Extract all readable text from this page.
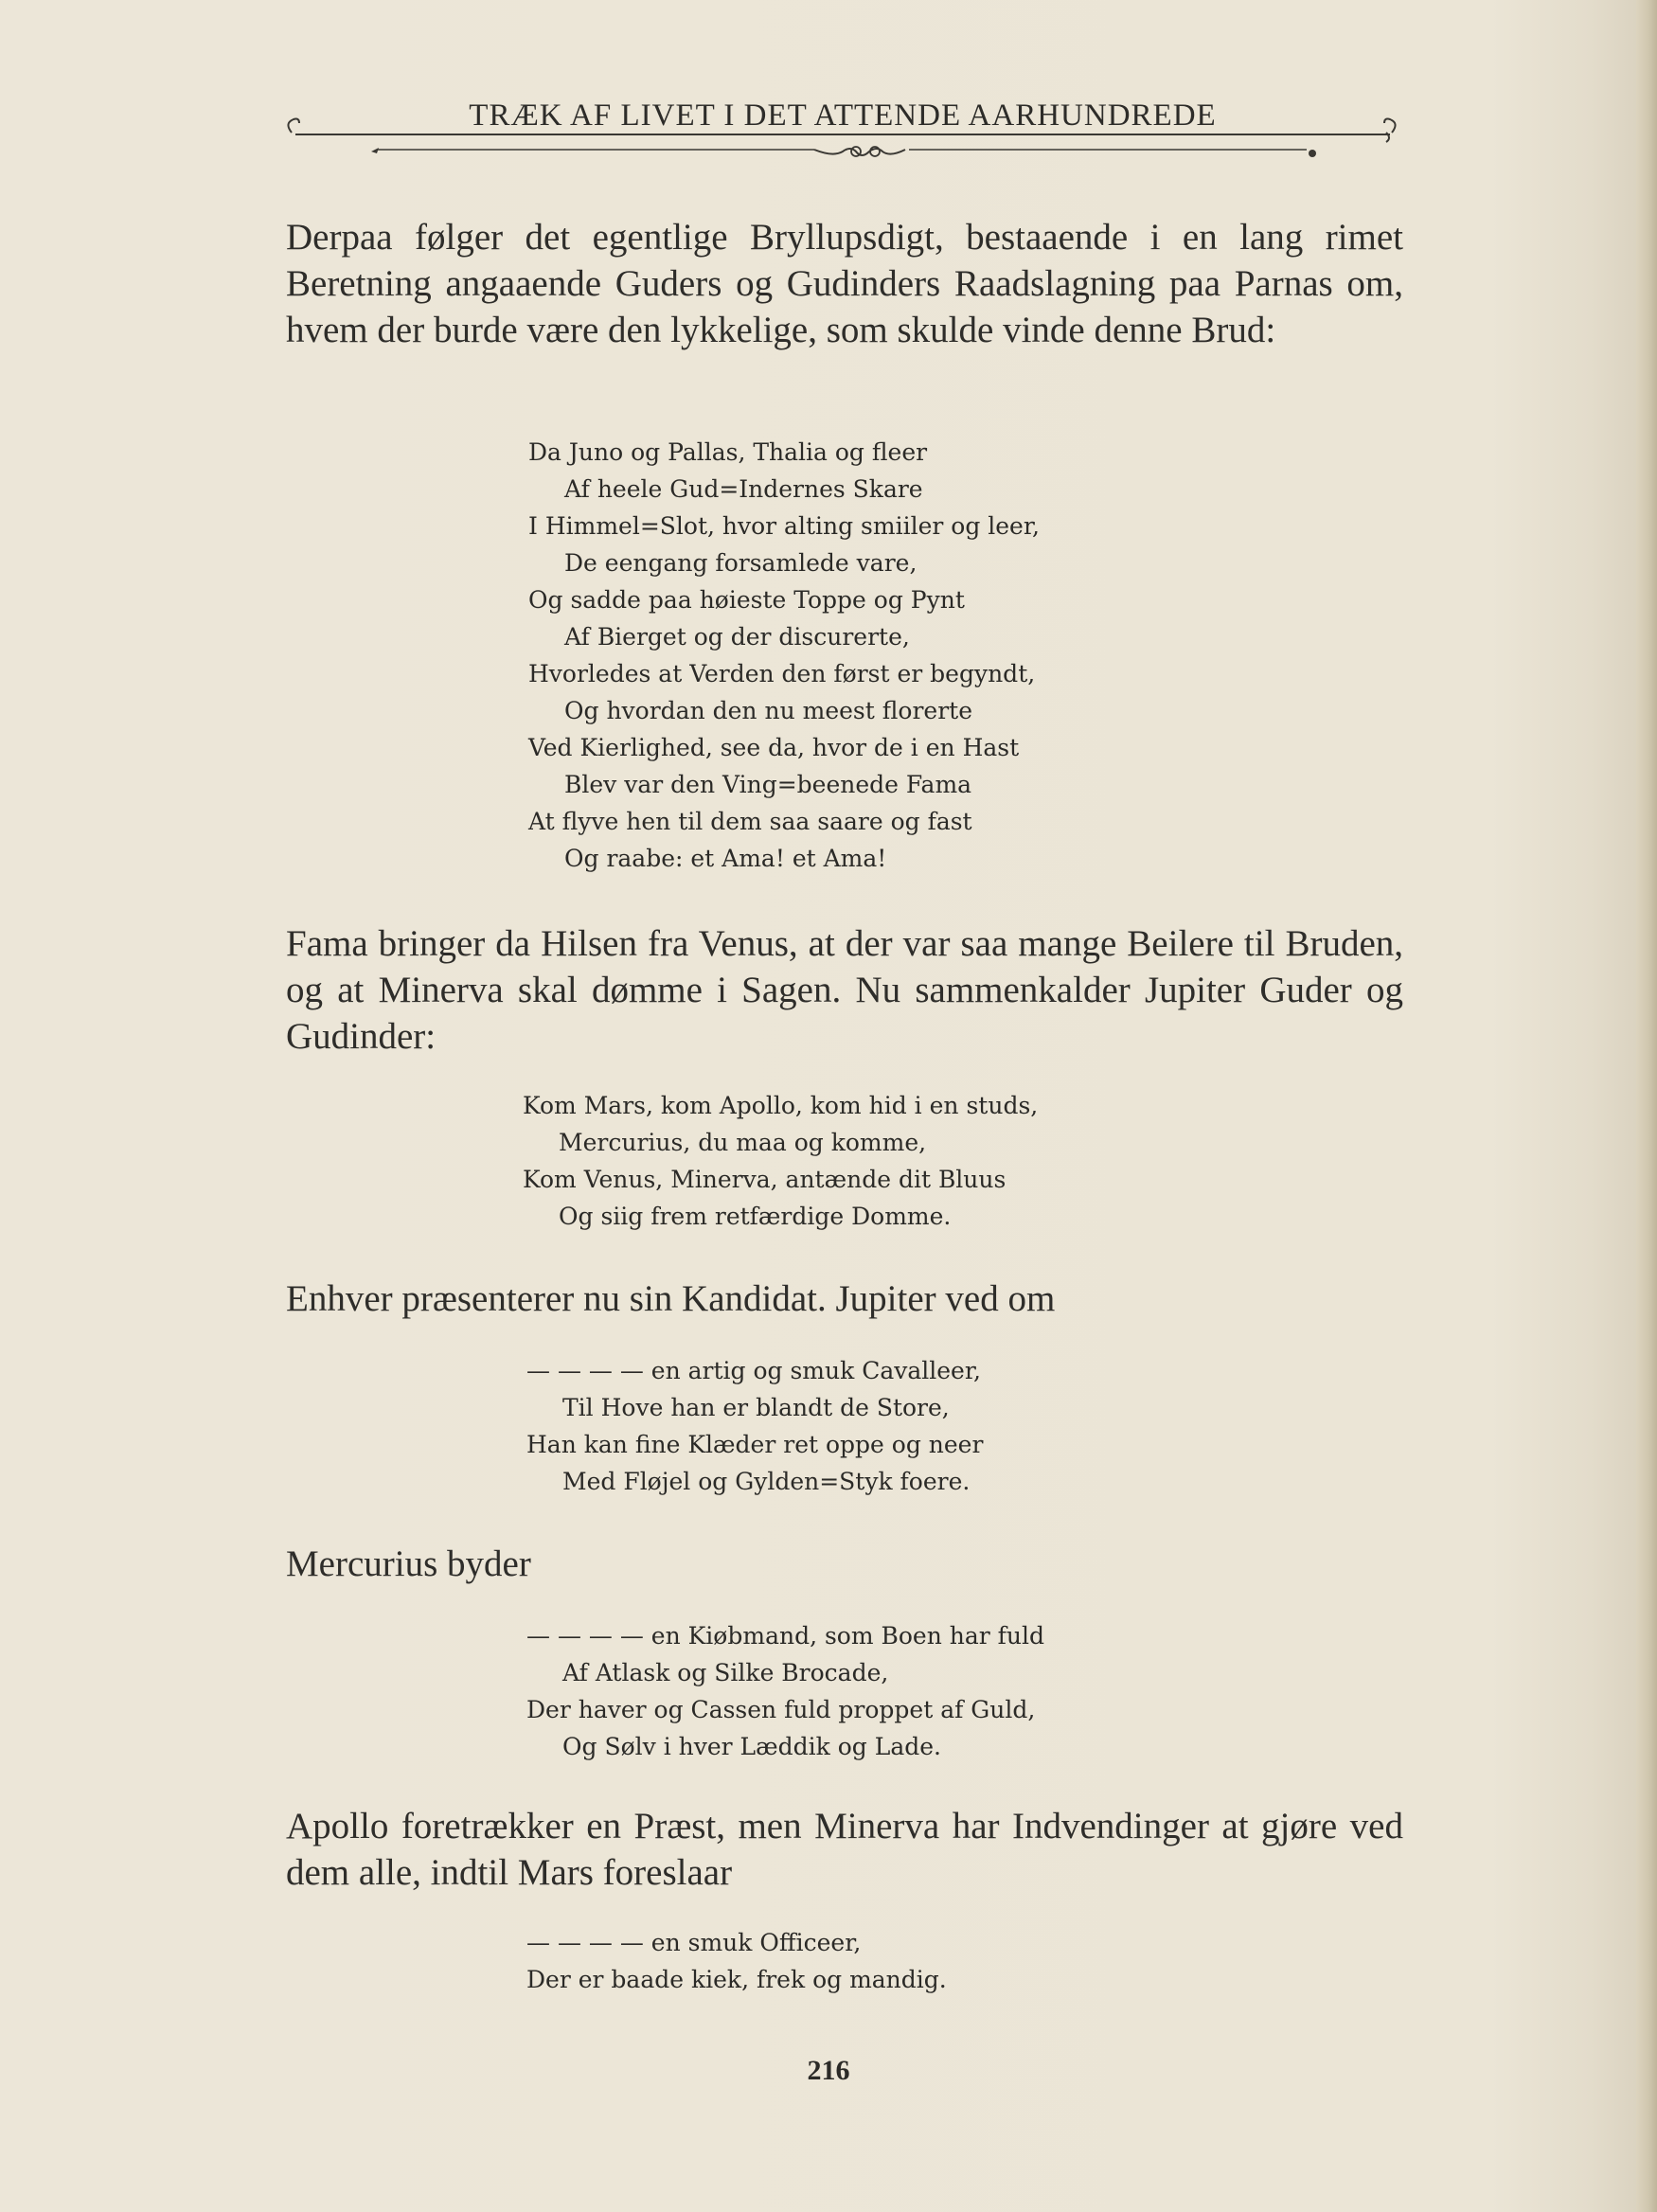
TRÆK AF LIVET I DET ATTENDE AARHUNDREDE

Derpaa følger det egentlige Bryllupsdigt, bestaaende i en lang rimet Beretning angaaende Guders og Gudinders Raadslagning paa Parnas om, hvem der burde være den lykkelige, som skulde vinde denne Brud:

Da Juno og Pallas, Thalia og fleer
Af heele Gud=Indernes Skare
I Himmel=Slot, hvor alting smiiler og leer,
De eengang forsamlede vare,
Og sadde paa høieste Toppe og Pynt
Af Bierget og der discurerte,
Hvorledes at Verden den først er begyndt,
Og hvordan den nu meest florerte
Ved Kierlighed, see da, hvor de i en Hast
Blev var den Ving=beenede Fama
At flyve hen til dem saa saare og fast
Og raabe: et Ama! et Ama!

Fama bringer da Hilsen fra Venus, at der var saa mange Beilere til Bruden, og at Minerva skal dømme i Sagen. Nu sammenkalder Jupiter Guder og Gudinder:

Kom Mars, kom Apollo, kom hid i en studs,
Mercurius, du maa og komme,
Kom Venus, Minerva, antænde dit Bluus
Og siig frem retfærdige Domme.

Enhver præsenterer nu sin Kandidat. Jupiter ved om

— — — — en artig og smuk Cavalleer,
Til Hove han er blandt de Store,
Han kan fine Klæder ret oppe og neer
Med Fløjel og Gylden=Styk foere.

Mercurius byder

— — — — en Kiøbmand, som Boen har fuld
Af Atlask og Silke Brocade,
Der haver og Cassen fuld proppet af Guld,
Og Sølv i hver Læddik og Lade.

Apollo foretrækker en Præst, men Minerva har Indvendinger at gjøre ved dem alle, indtil Mars foreslaar

— — — — en smuk Officeer,
Der er baade kiek, frek og mandig.
216
